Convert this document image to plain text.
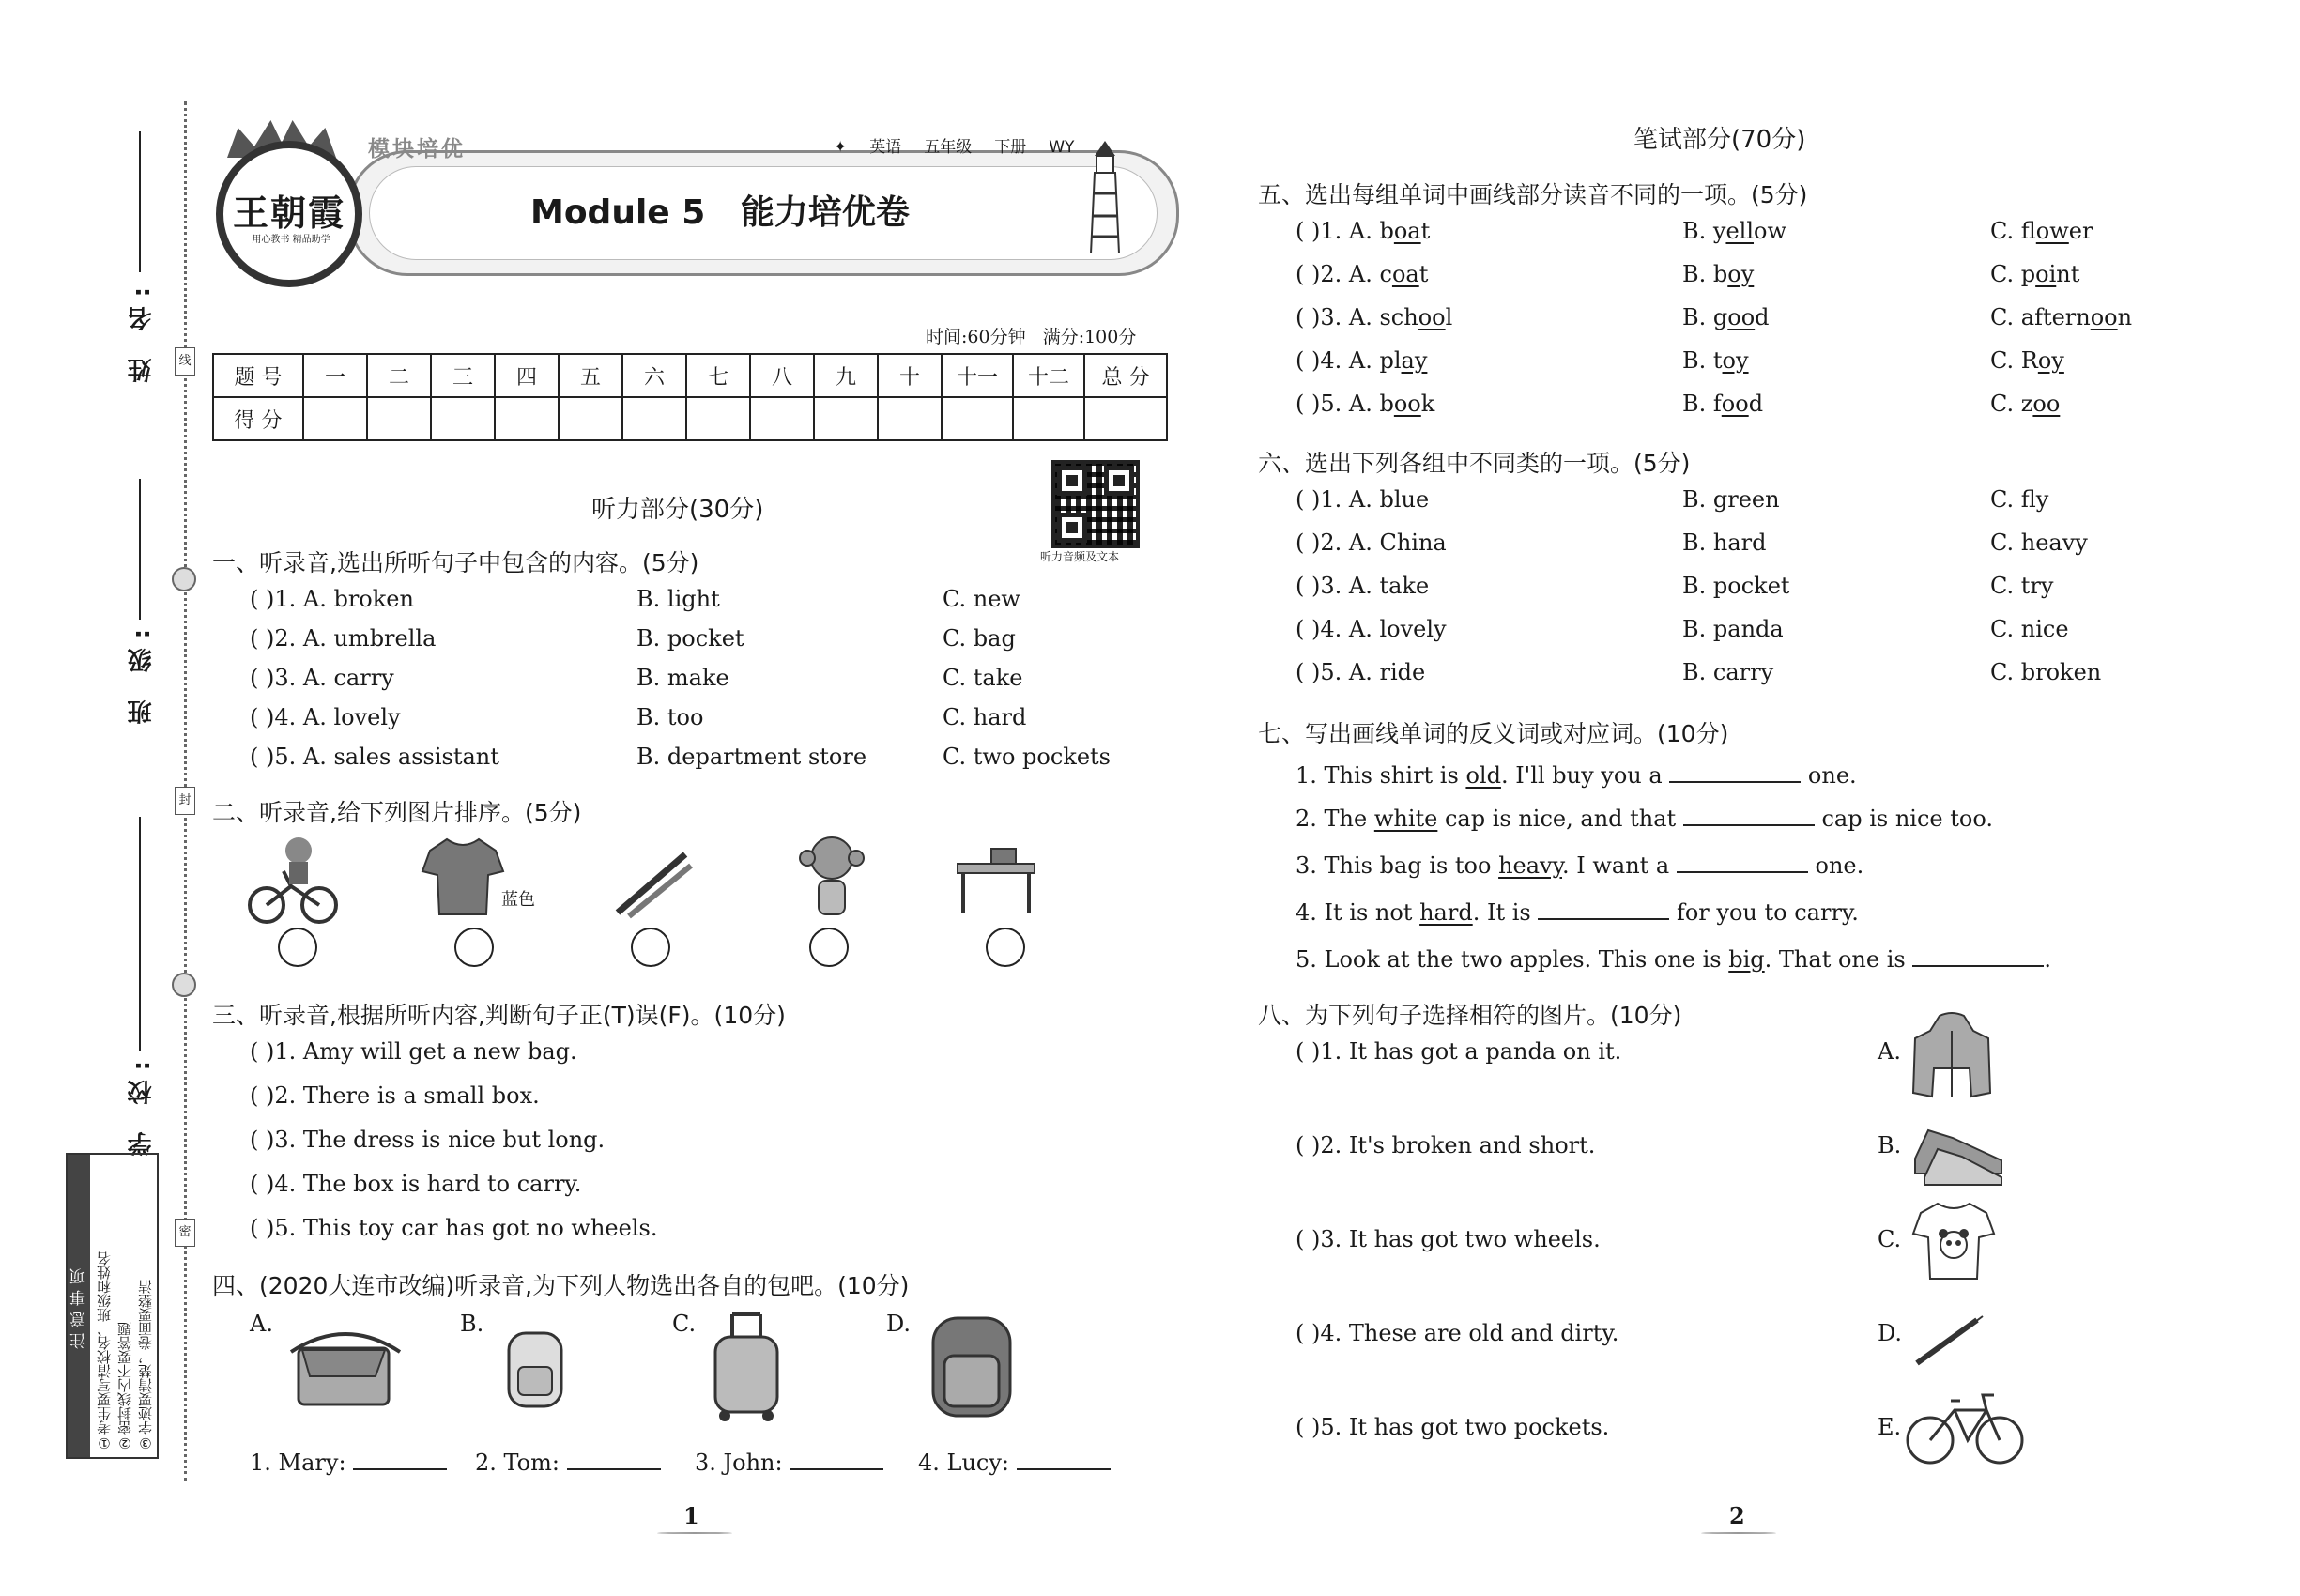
姓 名:
班 级:
学 校:
线
封
密
注意事项 ①考生要写清校名、班级和姓名 ②密封线内不要答题 ③字迹要清楚，卷面要整洁
王朝霞
用心教书 精品助学
模块培优	✦ 英语 五年级 下册 WY
Module 5   能力培优卷
时间:60分钟   满分:100分
题 号	一	二	三	四	五	六	七	八	九	十	十一	十二	总 分
得 分													
听力音频及文本
听力部分(30分)
一、听录音,选出所听句子中包含的内容。(5分)
( )1. A. broken	B. light	C. new
( )2. A. umbrella	B. pocket	C. bag
( )3. A. carry	B. make	C. take
( )4. A. lovely	B. too	C. hard
( )5. A. sales assistant	B. department store	C. two pockets
二、听录音,给下列图片排序。(5分)
蓝色
三、听录音,根据所听内容,判断句子正(T)误(F)。(10分)
( )1. Amy will get a new bag.
( )2. There is a small box.
( )3. The dress is nice but long.
( )4. The box is hard to carry.
( )5. This toy car has got no wheels.
四、(2020大连市改编)听录音,为下列人物选出各自的包吧。(10分)
A.	B.	C.	D.
1. Mary:	2. Tom:	3. John:	4. Lucy:
1
笔试部分(70分)
五、选出每组单词中画线部分读音不同的一项。(5分)
( )1. A. boat	B. yellow	C. flower
( )2. A. coat	B. boy	C. point
( )3. A. school	B. good	C. afternoon
( )4. A. play	B. toy	C. Roy
( )5. A. book	B. food	C. zoo
六、选出下列各组中不同类的一项。(5分)
( )1. A. blue	B. green	C. fly
( )2. A. China	B. hard	C. heavy
( )3. A. take	B. pocket	C. try
( )4. A. lovely	B. panda	C. nice
( )5. A. ride	B. carry	C. broken
七、写出画线单词的反义词或对应词。(10分)
1. This shirt is old. I'll buy you a	one.
2. The white cap is nice, and that	cap is nice too.
3. This bag is too heavy. I want a	one.
4. It is not hard. It is	for you to carry.
5. Look at the two apples. This one is big. That one is	.
八、为下列句子选择相符的图片。(10分)
( )1. It has got a panda on it.
( )2. It's broken and short.
( )3. It has got two wheels.
( )4. These are old and dirty.
( )5. It has got two pockets.
A.
B.
C.
D.
E.
2
